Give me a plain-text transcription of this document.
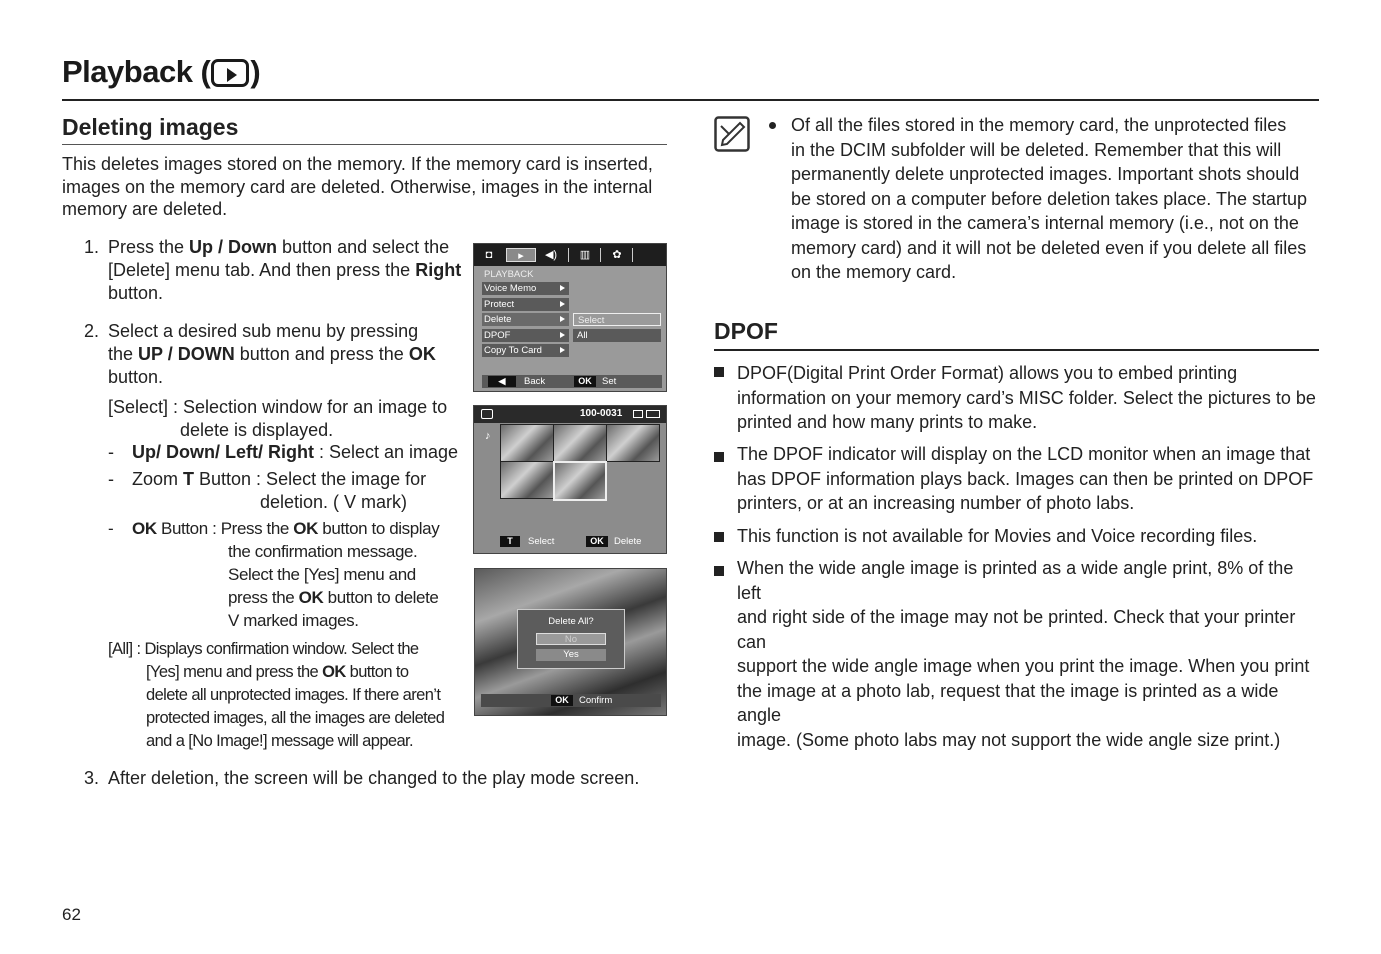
Playback ( )
Deleting images
This deletes images stored on the memory. If the memory card is inserted, images on the memory card are deleted. Otherwise, images in the internal memory are deleted.
1. Press the Up / Down button and select the
[Delete] menu tab. And then press the Right
button.
2. Select a desired sub menu by pressing
the UP / DOWN button and press the OK
button.
[Select] : Selection window for an image to
delete is displayed.
- Up/ Down/ Left/ Right : Select an image
- Zoom T Button : Select the image for
deletion. ( V mark)
- OK Button : Press the OK button to display
the confirmation message.
Select the [Yes] menu and
press the OK button to delete
V marked images.
[All] : Displays confirmation window. Select the
[Yes] menu and press the OK button to
delete all unprotected images. If there aren’t
protected images, all the images are deleted
and a [No Image!] message will appear.
3. After deletion, the screen will be changed to the play mode screen.
◘	▸	◀)	▥	✿
PLAYBACK
Voice Memo
Protect
Delete
DPOF
Copy To Card
Select
All
◀	Back	OK	Set
100-0031
♪
T	Select	OK	Delete
Delete All?
No
Yes
OK	Confirm
Of all the files stored in the memory card, the unprotected files
in the DCIM subfolder will be deleted. Remember that this will
permanently delete unprotected images. Important shots should
be stored on a computer before deletion takes place. The startup
image is stored in the camera’s internal memory (i.e., not on the
memory card) and it will not be deleted even if you delete all files
on the memory card.
DPOF
DPOF(Digital Print Order Format) allows you to embed printing
information on your memory card’s MISC folder. Select the pictures to be
printed and how many prints to make.
The DPOF indicator will display on the LCD monitor when an image that
has DPOF information plays back. Images can then be printed on DPOF
printers, or at an increasing number of photo labs.
This function is not available for Movies and Voice recording files.
When the wide angle image is printed as a wide angle print, 8% of the left
and right side of the image may not be printed. Check that your printer can
support the wide angle image when you print the image. When you print
the image at a photo lab, request that the image is printed as a wide angle
image. (Some photo labs may not support the wide angle size print.)
62
